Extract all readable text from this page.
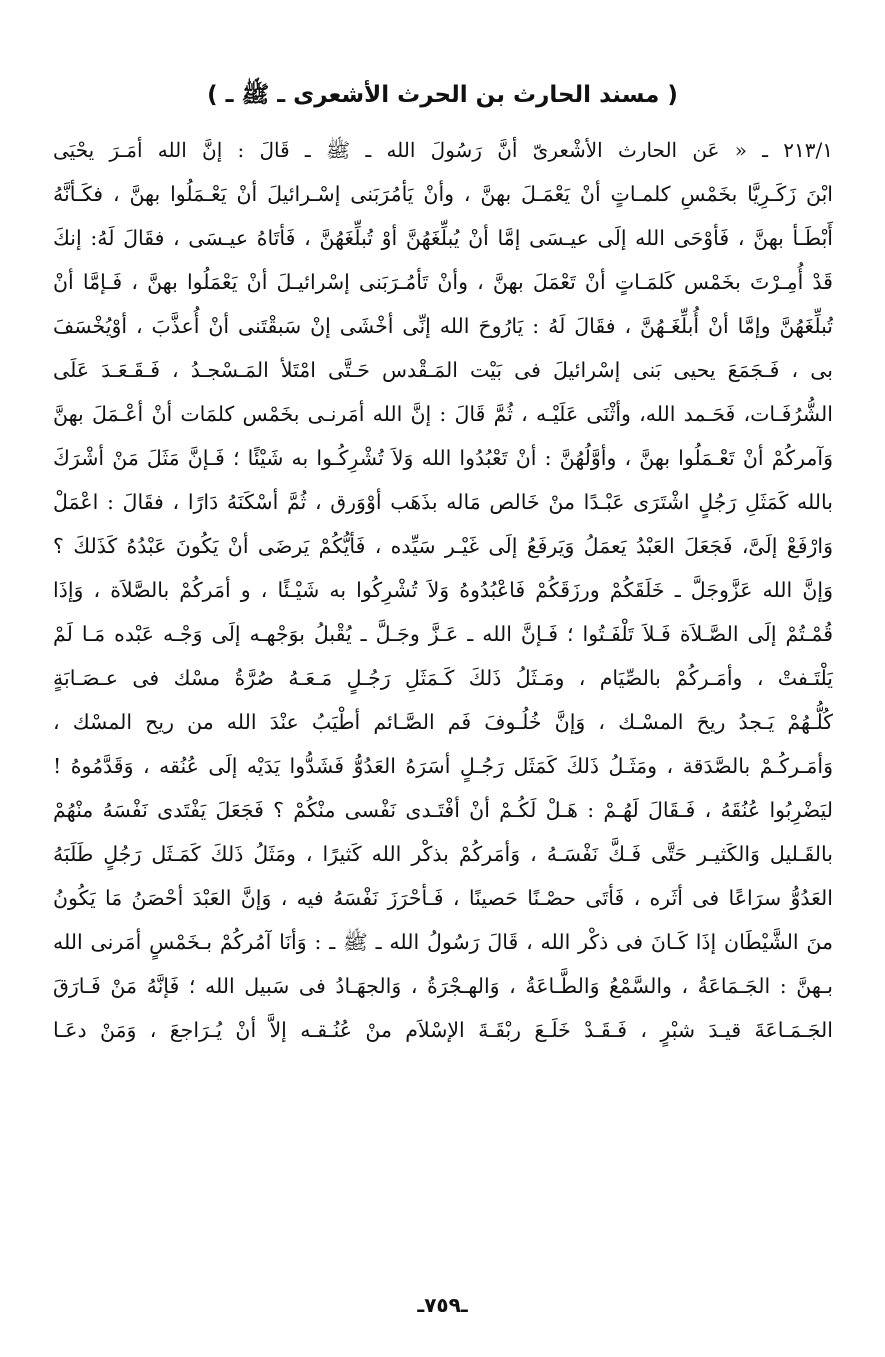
( مسند الحارث بن الحرث الأشعرى ـ ﷺ ـ )
٢١٣/١ ـ « عَن الحارث الأشْعرىّ أنَّ رَسُولَ الله ـ ﷺ ـ قَالَ : إنَّ الله أمَـرَ يحْيَى
ابْنَ زَكَـرِيَّا بخَمْسِ كلمـاتٍ أنْ يَعْمَـلَ بهنَّ ، وأنْ يَأمُرَبَنى إسْـرائيلَ أنْ يَعْـمَلُوا بهنَّ ، فكَـأنَّهُ
أَبْطَـأ بهنَّ ، فَأوْحَى الله إلَى عيـسَى إمَّا أنْ يُبلِّغَهُنَّ أوْ تُبلِّغَهُنَّ ، فَأتَاهُ عيـسَى ، فقَالَ لَهُ: إنكَ
قَدْ أُمِـرْتَ بخَمْس كَلمَـاتٍ أنْ تَعْمَلَ بهنَّ ، وأنْ تَأمُـرَبَنى إسْرائيـلَ أنْ يَعْمَلُوا بهنَّ ، فَـإمَّا أنْ
تُبلِّغَهُنَّ وإمَّا أنْ أُبلِّغَـهُنَّ ، فقَالَ لَهُ : يَارُوحَ الله إنِّى أخْشَى إنْ سَبقْتَنى أنْ أُعذَّبَ ، أوْيُخْسَفَ
بى ، فَـجَمَعَ يحيى بَنى إسْرائيلَ فى بَيْت المَـقْدس حَـتَّى امْتَلأ المَـسْجـدُ ، فَـقَـعَـدَ عَلَى
الشُّرُفَـات، فَحَـمد الله، وأثْنَى عَلَيْـه ، ثُمَّ قَالَ : إنَّ الله أمَرنـى بخَمْس كلمَات أنْ أعْـمَلَ بهنَّ
وَآمركُمْ أنْ تَعْـمَلُوا بهنَّ ، وأوَّلُهُنَّ : أنْ تَعْبُدُوا الله وَلاَ تُشْرِكُـوا به شَيْئًا ؛ فَـإنَّ مَثَلَ مَنْ أشْرَكَ
بالله كَمَثَلِ رَجُلٍ اشْتَرَى عَبْـدًا منْ خَالص مَاله بذَهَب أوْوَرق ، ثُمَّ أسْكَنَهُ دَارًا ، فقَالَ : اعْمَلْ
وَارْفَعْ إلَىَّ، فَجَعَلَ العَبْدُ يَعمَلُ وَيَرفَعُ إلَى غَيْـر سَيِّده ، فَأيُّكُمْ يَرضَى أنْ يَكُونَ عَبْدُهُ كَذَلكَ ؟
وَإنَّ الله عَزَّوجَلَّ ـ خَلَقَكُمْ ورزَقَكُمْ فَاعْبُدُوهُ وَلاَ تُشْرِكُوا به شَيْـئًا ، و أمَركُمْ بالصَّلاَة ، وَإذَا
قُمْـتُمْ إلَى الصَّـلاَة فَـلاَ تَلْفَـتُوا ؛ فَـإنَّ الله ـ عَـزَّ وجَـلَّ ـ يُقْبلُ بوَجْهـه إلَى وَجْـه عَبْده مَـا لَمْ
يَلْتَـفتْ ، وأمَـركُمْ بالصِّيَام ، ومَـثَلُ ذَلكَ كَـمَثَلِ رَجُـلٍ مَـعَـهُ صُرَّةُ مسْك فى عـصَـابَةٍ
كُلُّـهُمْ يَـجدُ ريحَ المسْـك ، وَإنَّ خُلُـوفَ فَم الصَّـائم أطْيَبُ عنْدَ الله من ريح المسْك ،
وَأمَـركُـمْ بالصَّدَقة ، ومَثَـلُ ذَلكَ كَمَثَل رَجُـلٍ أسَرَهُ العَدُوُّ فَشَدُّوا يَدَيْه إلَى عُنُقه ، وَقَدَّمُوهُ !
ليَضْرِبُوا عُنُقَهُ ، فَـقَالَ لَهُـمْ : هَـلْ لَكُـمْ أنْ أفْتَـدى نَفْسى منْكُمْ ؟ فَجَعَلَ يَفْتَدى نَفْسَهُ منْهُمْ
بالقَـليل وَالكَثيـر حَتَّى فَـكَّ نَفْسَـهُ ، وَأمَركُمْ بذكْر الله كَثيرًا ، ومَثَلُ ذَلكَ كَمَـثَل رَجُلٍ طَلَبَهُ
العَدُوُّ سرَاعًا فى أثَره ، فَأتَى حصْـنًا حَصينًا ، فَـأحْرَزَ نَفْسَهُ فيه ، وَإنَّ العَبْدَ أحْصَنُ مَا يَكُونُ
منَ الشَّيْطَان إذَا كَـانَ فى ذكْر الله ، قَالَ رَسُولُ الله ـ ﷺ ـ : وَأنَا آمُركُمْ بـخَمْسٍ أمَرنى الله
بـهنَّ : الجَـمَاعَةُ ، والسَّمْعُ وَالطَّـاعَةُ ، وَالهـجْرَةُ ، وَالجهَـادُ فى سَبيل الله ؛ فَإنَّهُ مَنْ فَـارَقَ
الجَـمَـاعَةَ قيـدَ شبْرٍ ، فَـقَـدْ خَلَـعَ ربْقَـةَ الإسْلاَم منْ عُنُـقـه إلاَّ أنْ يُـرَاجعَ ، وَمَنْ دعَـا
ـ٧٥٩ـ
